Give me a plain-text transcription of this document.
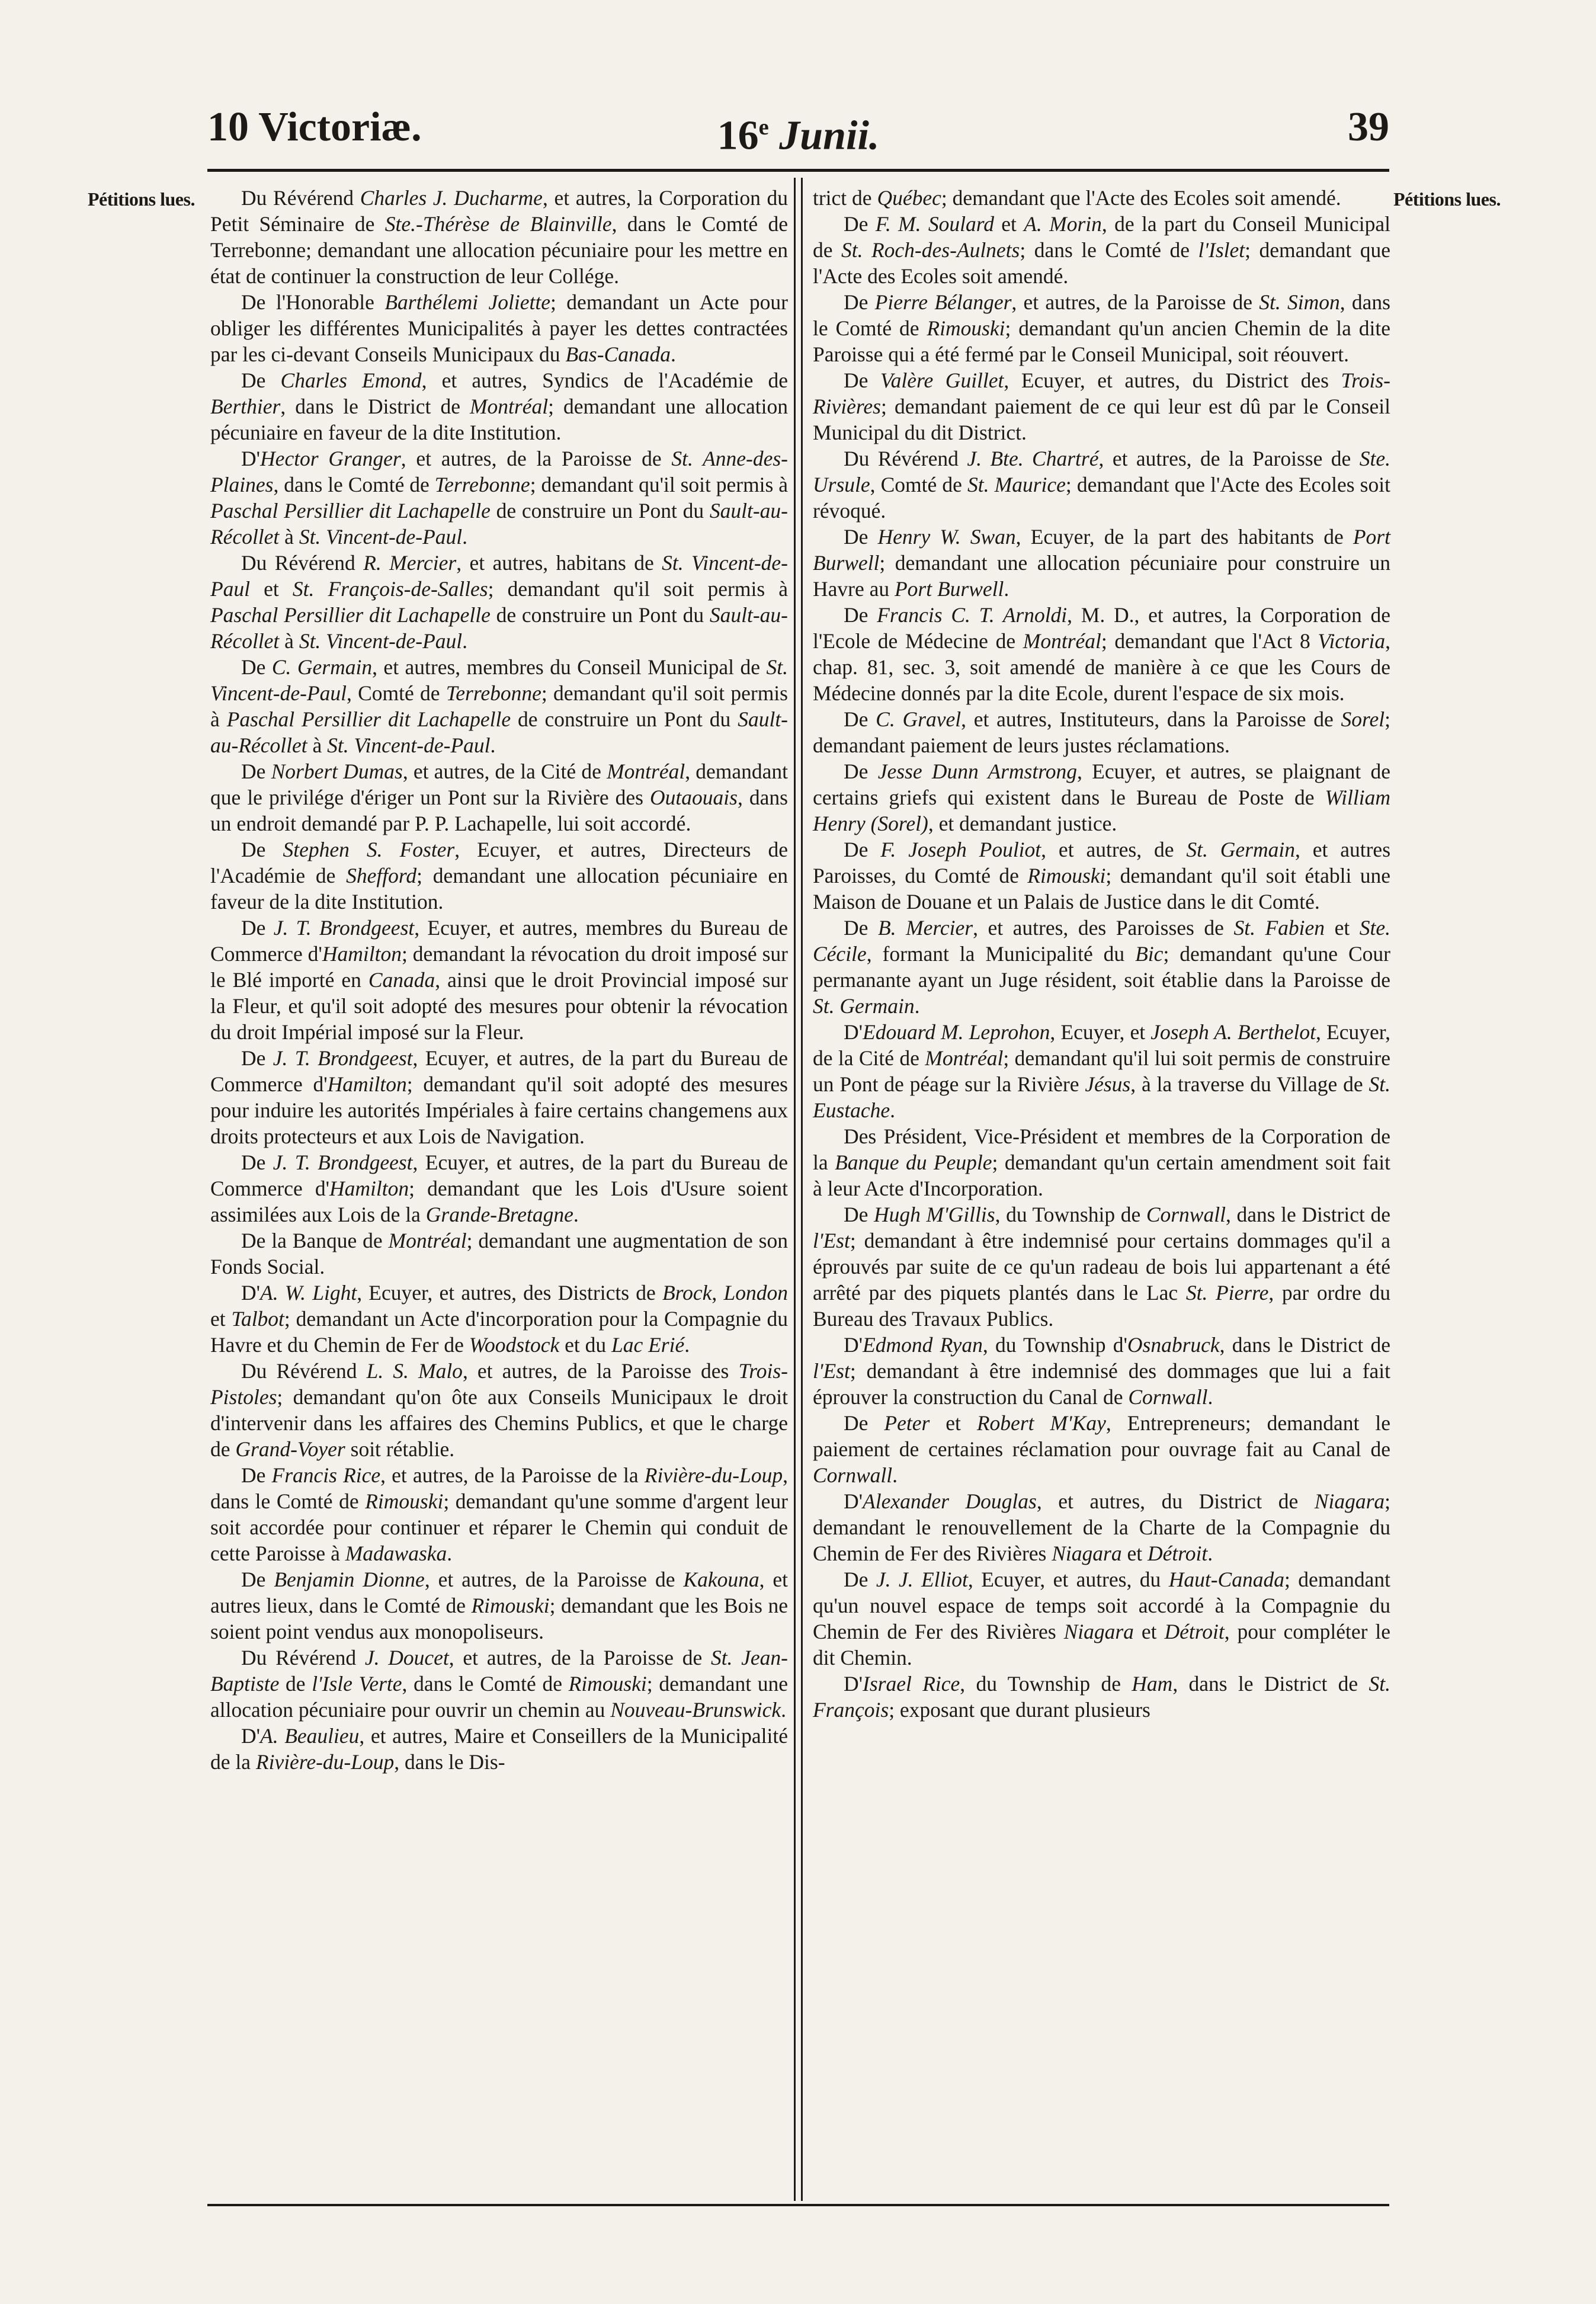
10 Victoriæ.	16e Junii.	39
Pétitions lues.	Pétitions lues.

Du Révérend Charles J. Ducharme, et autres, la Corporation du Petit Séminaire de Ste.-Thérèse de Blainville, dans le Comté de Terrebonne; demandant une allocation pécuniaire pour les mettre en état de continuer la construction de leur Collége.

De l'Honorable Barthélemi Joliette; demandant un Acte pour obliger les différentes Municipalités à payer les dettes contractées par les ci-devant Conseils Municipaux du Bas-Canada.

De Charles Emond, et autres, Syndics de l'Académie de Berthier, dans le District de Montréal; demandant une allocation pécuniaire en faveur de la dite Institution.

D'Hector Granger, et autres, de la Paroisse de St. Anne-des-Plaines, dans le Comté de Terrebonne; demandant qu'il soit permis à Paschal Persillier dit Lachapelle de construire un Pont du Sault-au-Récollet à St. Vincent-de-Paul.

Du Révérend R. Mercier, et autres, habitans de St. Vincent-de-Paul et St. François-de-Salles; demandant qu'il soit permis à Paschal Persillier dit Lachapelle de construire un Pont du Sault-au-Récollet à St. Vincent-de-Paul.

De C. Germain, et autres, membres du Conseil Municipal de St. Vincent-de-Paul, Comté de Terrebonne; demandant qu'il soit permis à Paschal Persillier dit Lachapelle de construire un Pont du Sault-au-Récollet à St. Vincent-de-Paul.

De Norbert Dumas, et autres, de la Cité de Montréal, demandant que le privilége d'ériger un Pont sur la Rivière des Outaouais, dans un endroit demandé par P. P. Lachapelle, lui soit accordé.

De Stephen S. Foster, Ecuyer, et autres, Directeurs de l'Académie de Shefford; demandant une allocation pécuniaire en faveur de la dite Institution.

De J. T. Brondgeest, Ecuyer, et autres, membres du Bureau de Commerce d'Hamilton; demandant la révocation du droit imposé sur le Blé importé en Canada, ainsi que le droit Provincial imposé sur la Fleur, et qu'il soit adopté des mesures pour obtenir la révocation du droit Impérial imposé sur la Fleur.

De J. T. Brondgeest, Ecuyer, et autres, de la part du Bureau de Commerce d'Hamilton; demandant qu'il soit adopté des mesures pour induire les autorités Impériales à faire certains changemens aux droits protecteurs et aux Lois de Navigation.

De J. T. Brondgeest, Ecuyer, et autres, de la part du Bureau de Commerce d'Hamilton; demandant que les Lois d'Usure soient assimilées aux Lois de la Grande-Bretagne.

De la Banque de Montréal; demandant une augmentation de son Fonds Social.

D'A. W. Light, Ecuyer, et autres, des Districts de Brock, London et Talbot; demandant un Acte d'incorporation pour la Compagnie du Havre et du Chemin de Fer de Woodstock et du Lac Erié.

Du Révérend L. S. Malo, et autres, de la Paroisse des Trois-Pistoles; demandant qu'on ôte aux Conseils Municipaux le droit d'intervenir dans les affaires des Chemins Publics, et que le charge de Grand-Voyer soit rétablie.

De Francis Rice, et autres, de la Paroisse de la Rivière-du-Loup, dans le Comté de Rimouski; demandant qu'une somme d'argent leur soit accordée pour continuer et réparer le Chemin qui conduit de cette Paroisse à Madawaska.

De Benjamin Dionne, et autres, de la Paroisse de Kakouna, et autres lieux, dans le Comté de Rimouski; demandant que les Bois ne soient point vendus aux monopoliseurs.

Du Révérend J. Doucet, et autres, de la Paroisse de St. Jean-Baptiste de l'Isle Verte, dans le Comté de Rimouski; demandant une allocation pécuniaire pour ouvrir un chemin au Nouveau-Brunswick.

D'A. Beaulieu, et autres, Maire et Conseillers de la Municipalité de la Rivière-du-Loup, dans le Dis-

trict de Québec; demandant que l'Acte des Ecoles soit amendé.

De F. M. Soulard et A. Morin, de la part du Conseil Municipal de St. Roch-des-Aulnets; dans le Comté de l'Islet; demandant que l'Acte des Ecoles soit amendé.

De Pierre Bélanger, et autres, de la Paroisse de St. Simon, dans le Comté de Rimouski; demandant qu'un ancien Chemin de la dite Paroisse qui a été fermé par le Conseil Municipal, soit réouvert.

De Valère Guillet, Ecuyer, et autres, du District des Trois-Rivières; demandant paiement de ce qui leur est dû par le Conseil Municipal du dit District.

Du Révérend J. Bte. Chartré, et autres, de la Paroisse de Ste. Ursule, Comté de St. Maurice; demandant que l'Acte des Ecoles soit révoqué.

De Henry W. Swan, Ecuyer, de la part des habitants de Port Burwell; demandant une allocation pécuniaire pour construire un Havre au Port Burwell.

De Francis C. T. Arnoldi, M. D., et autres, la Corporation de l'Ecole de Médecine de Montréal; demandant que l'Act 8 Victoria, chap. 81, sec. 3, soit amendé de manière à ce que les Cours de Médecine donnés par la dite Ecole, durent l'espace de six mois.

De C. Gravel, et autres, Instituteurs, dans la Paroisse de Sorel; demandant paiement de leurs justes réclamations.

De Jesse Dunn Armstrong, Ecuyer, et autres, se plaignant de certains griefs qui existent dans le Bureau de Poste de William Henry (Sorel), et demandant justice.

De F. Joseph Pouliot, et autres, de St. Germain, et autres Paroisses, du Comté de Rimouski; demandant qu'il soit établi une Maison de Douane et un Palais de Justice dans le dit Comté.

De B. Mercier, et autres, des Paroisses de St. Fabien et Ste. Cécile, formant la Municipalité du Bic; demandant qu'une Cour permanante ayant un Juge résident, soit établie dans la Paroisse de St. Germain.

D'Edouard M. Leprohon, Ecuyer, et Joseph A. Berthelot, Ecuyer, de la Cité de Montréal; demandant qu'il lui soit permis de construire un Pont de péage sur la Rivière Jésus, à la traverse du Village de St. Eustache.

Des Président, Vice-Président et membres de la Corporation de la Banque du Peuple; demandant qu'un certain amendment soit fait à leur Acte d'Incorporation.

De Hugh M'Gillis, du Township de Cornwall, dans le District de l'Est; demandant à être indemnisé pour certains dommages qu'il a éprouvés par suite de ce qu'un radeau de bois lui appartenant a été arrêté par des piquets plantés dans le Lac St. Pierre, par ordre du Bureau des Travaux Publics.

D'Edmond Ryan, du Township d'Osnabruck, dans le District de l'Est; demandant à être indemnisé des dommages que lui a fait éprouver la construction du Canal de Cornwall.

De Peter et Robert M'Kay, Entrepreneurs; demandant le paiement de certaines réclamation pour ouvrage fait au Canal de Cornwall.

D'Alexander Douglas, et autres, du District de Niagara; demandant le renouvellement de la Charte de la Compagnie du Chemin de Fer des Rivières Niagara et Détroit.

De J. J. Elliot, Ecuyer, et autres, du Haut-Canada; demandant qu'un nouvel espace de temps soit accordé à la Compagnie du Chemin de Fer des Rivières Niagara et Détroit, pour compléter le dit Chemin.

D'Israel Rice, du Township de Ham, dans le District de St. François; exposant que durant plusieurs
